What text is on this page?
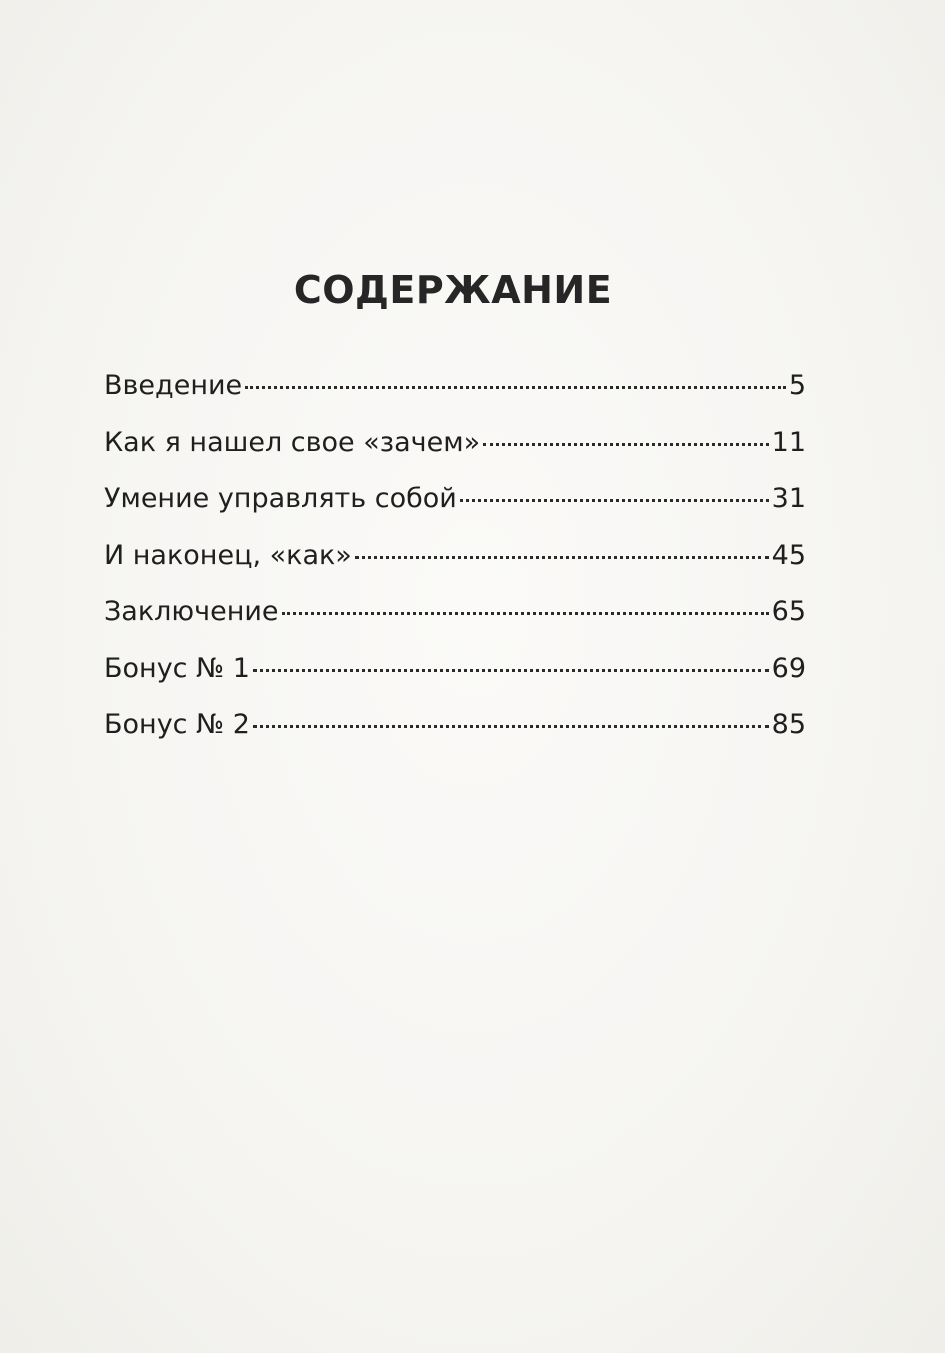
СОДЕРЖАНИЕ
Введение	5
Как я нашел свое «зачем»	11
Умение управлять собой	31
И наконец, «как»	45
Заключение	65
Бонус № 1	69
Бонус № 2	85
